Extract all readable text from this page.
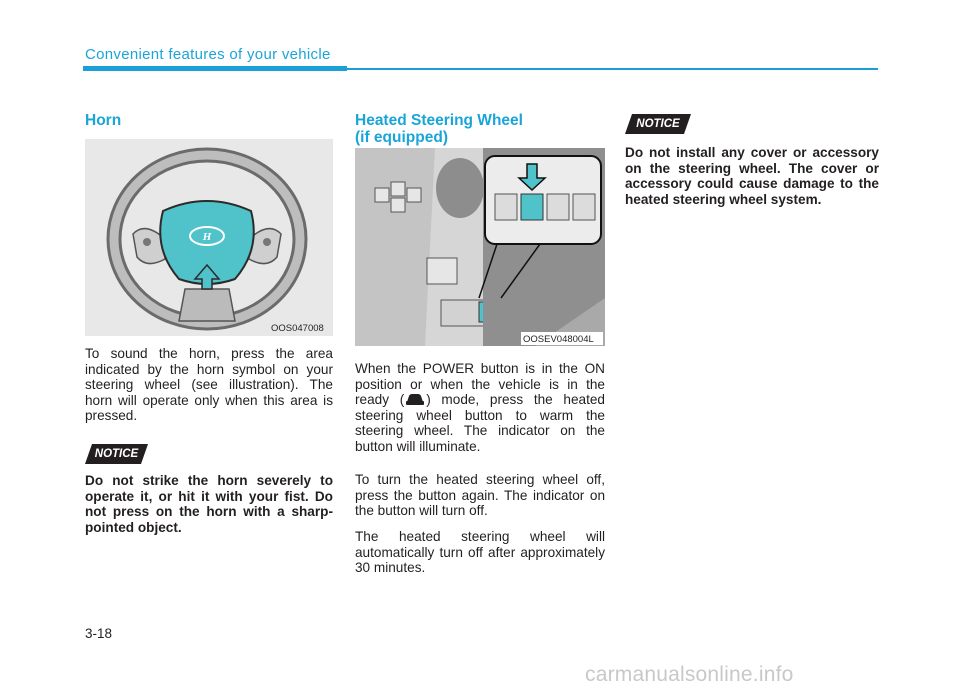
Convenient features of your vehicle
Horn
H
OOS047008
To sound the horn, press the area indicated by the horn symbol on your steering wheel (see illustration). The horn will operate only when this area is pressed.
NOTICE
Do not strike the horn severely to operate it, or hit it with your fist. Do not press on the horn with a sharp-pointed object.
Heated Steering Wheel
(if equipped)
OOSEV048004L
When the POWER button is in the ON position or when the vehicle is in the ready ( ) mode, press the heated steering wheel button to warm the steering wheel. The indicator on the button will illuminate.
To turn the heated steering wheel off, press the button again. The indicator on the button will turn off.
The heated steering wheel will automatically turn off after approximately 30 minutes.
NOTICE
Do not install any cover or accessory on the steering wheel. The cover or accessory could cause damage to the heated steering wheel system.
3-18
carmanualsonline.info
